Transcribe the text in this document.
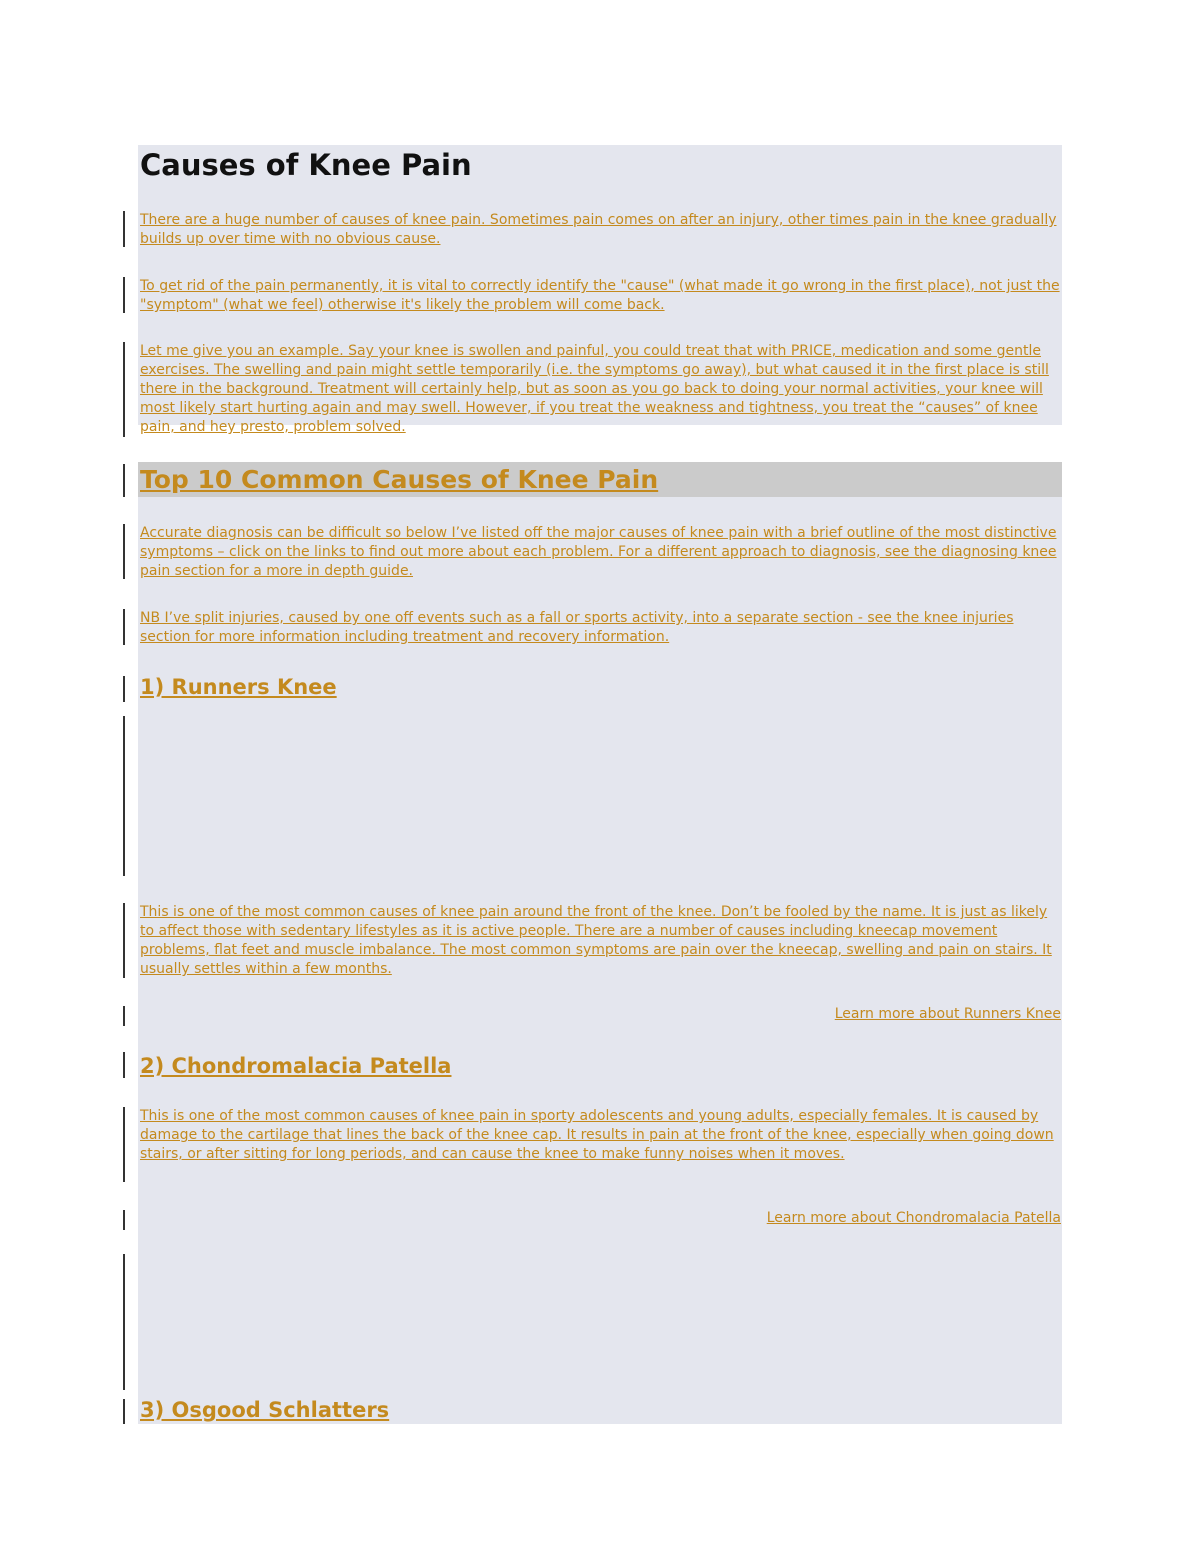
Causes of Knee Pain

There are a huge number of causes of knee pain. Sometimes pain comes on after an injury, other times pain in the knee gradually builds up over time with no obvious cause.

To get rid of the pain permanently, it is vital to correctly identify the "cause" (what made it go wrong in the first place), not just the "symptom" (what we feel) otherwise it's likely the problem will come back.

Let me give you an example. Say your knee is swollen and painful, you could treat that with PRICE, medication and some gentle exercises. The swelling and pain might settle temporarily (i.e. the symptoms go away), but what caused it in the first place is still there in the background. Treatment will certainly help, but as soon as you go back to doing your normal activities, your knee will most likely start hurting again and may swell. However, if you treat the weakness and tightness, you treat the “causes” of knee pain, and hey presto, problem solved.

Top 10 Common Causes of Knee Pain

Accurate diagnosis can be difficult so below I’ve listed off the major causes of knee pain with a brief outline of the most distinctive symptoms – click on the links to find out more about each problem. For a different approach to diagnosis, see the diagnosing knee pain section for a more in depth guide.

NB I’ve split injuries, caused by one off events such as a fall or sports activity, into a separate section - see the knee injuries section for more information including treatment and recovery information.

1) Runners Knee

This is one of the most common causes of knee pain around the front of the knee. Don’t be fooled by the name. It is just as likely to affect those with sedentary lifestyles as it is active people. There are a number of causes including kneecap movement problems, flat feet and muscle imbalance. The most common symptoms are pain over the kneecap, swelling and pain on stairs. It usually settles within a few months.

Learn more about Runners Knee

2) Chondromalacia Patella

This is one of the most common causes of knee pain in sporty adolescents and young adults, especially females. It is caused by damage to the cartilage that lines the back of the knee cap. It results in pain at the front of the knee, especially when going down stairs, or after sitting for long periods, and can cause the knee to make funny noises when it moves.

Learn more about Chondromalacia Patella

3) Osgood Schlatters
